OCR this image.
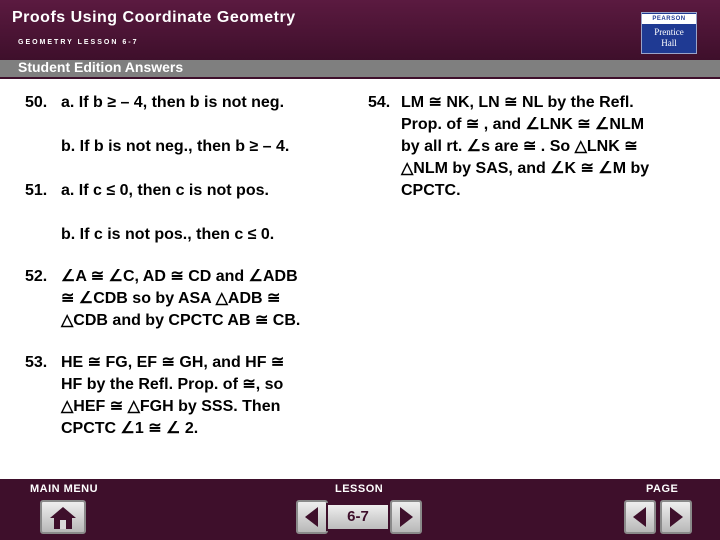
Proofs Using Coordinate Geometry
GEOMETRY LESSON 6-7
PEARSON
Prentice
Hall
Student Edition Answers
50. a. If b ≥ – 4, then b is not neg.
b. If b is not neg., then b ≥ – 4.
51. a. If c ≤ 0, then c is not pos.
b. If c is not pos., then c ≤ 0.
52. ∠A ≅ ∠C, AD ≅ CD and ∠ADB
≅ ∠CDB so by ASA △ADB ≅
△CDB and by CPCTC AB ≅ CB.
53. HE ≅ FG, EF ≅ GH, and HF ≅
HF by the Refl. Prop. of ≅, so
△HEF ≅ △FGH by SSS. Then
CPCTC ∠1 ≅ ∠ 2.
54. LM ≅ NK, LN ≅ NL by the Refl.
Prop. of ≅ , and ∠LNK ≅ ∠NLM
by all rt. ∠s are ≅ . So △LNK ≅
△NLM by SAS, and ∠K ≅ ∠M by
CPCTC.
MAIN MENU	LESSON	PAGE
6-7
